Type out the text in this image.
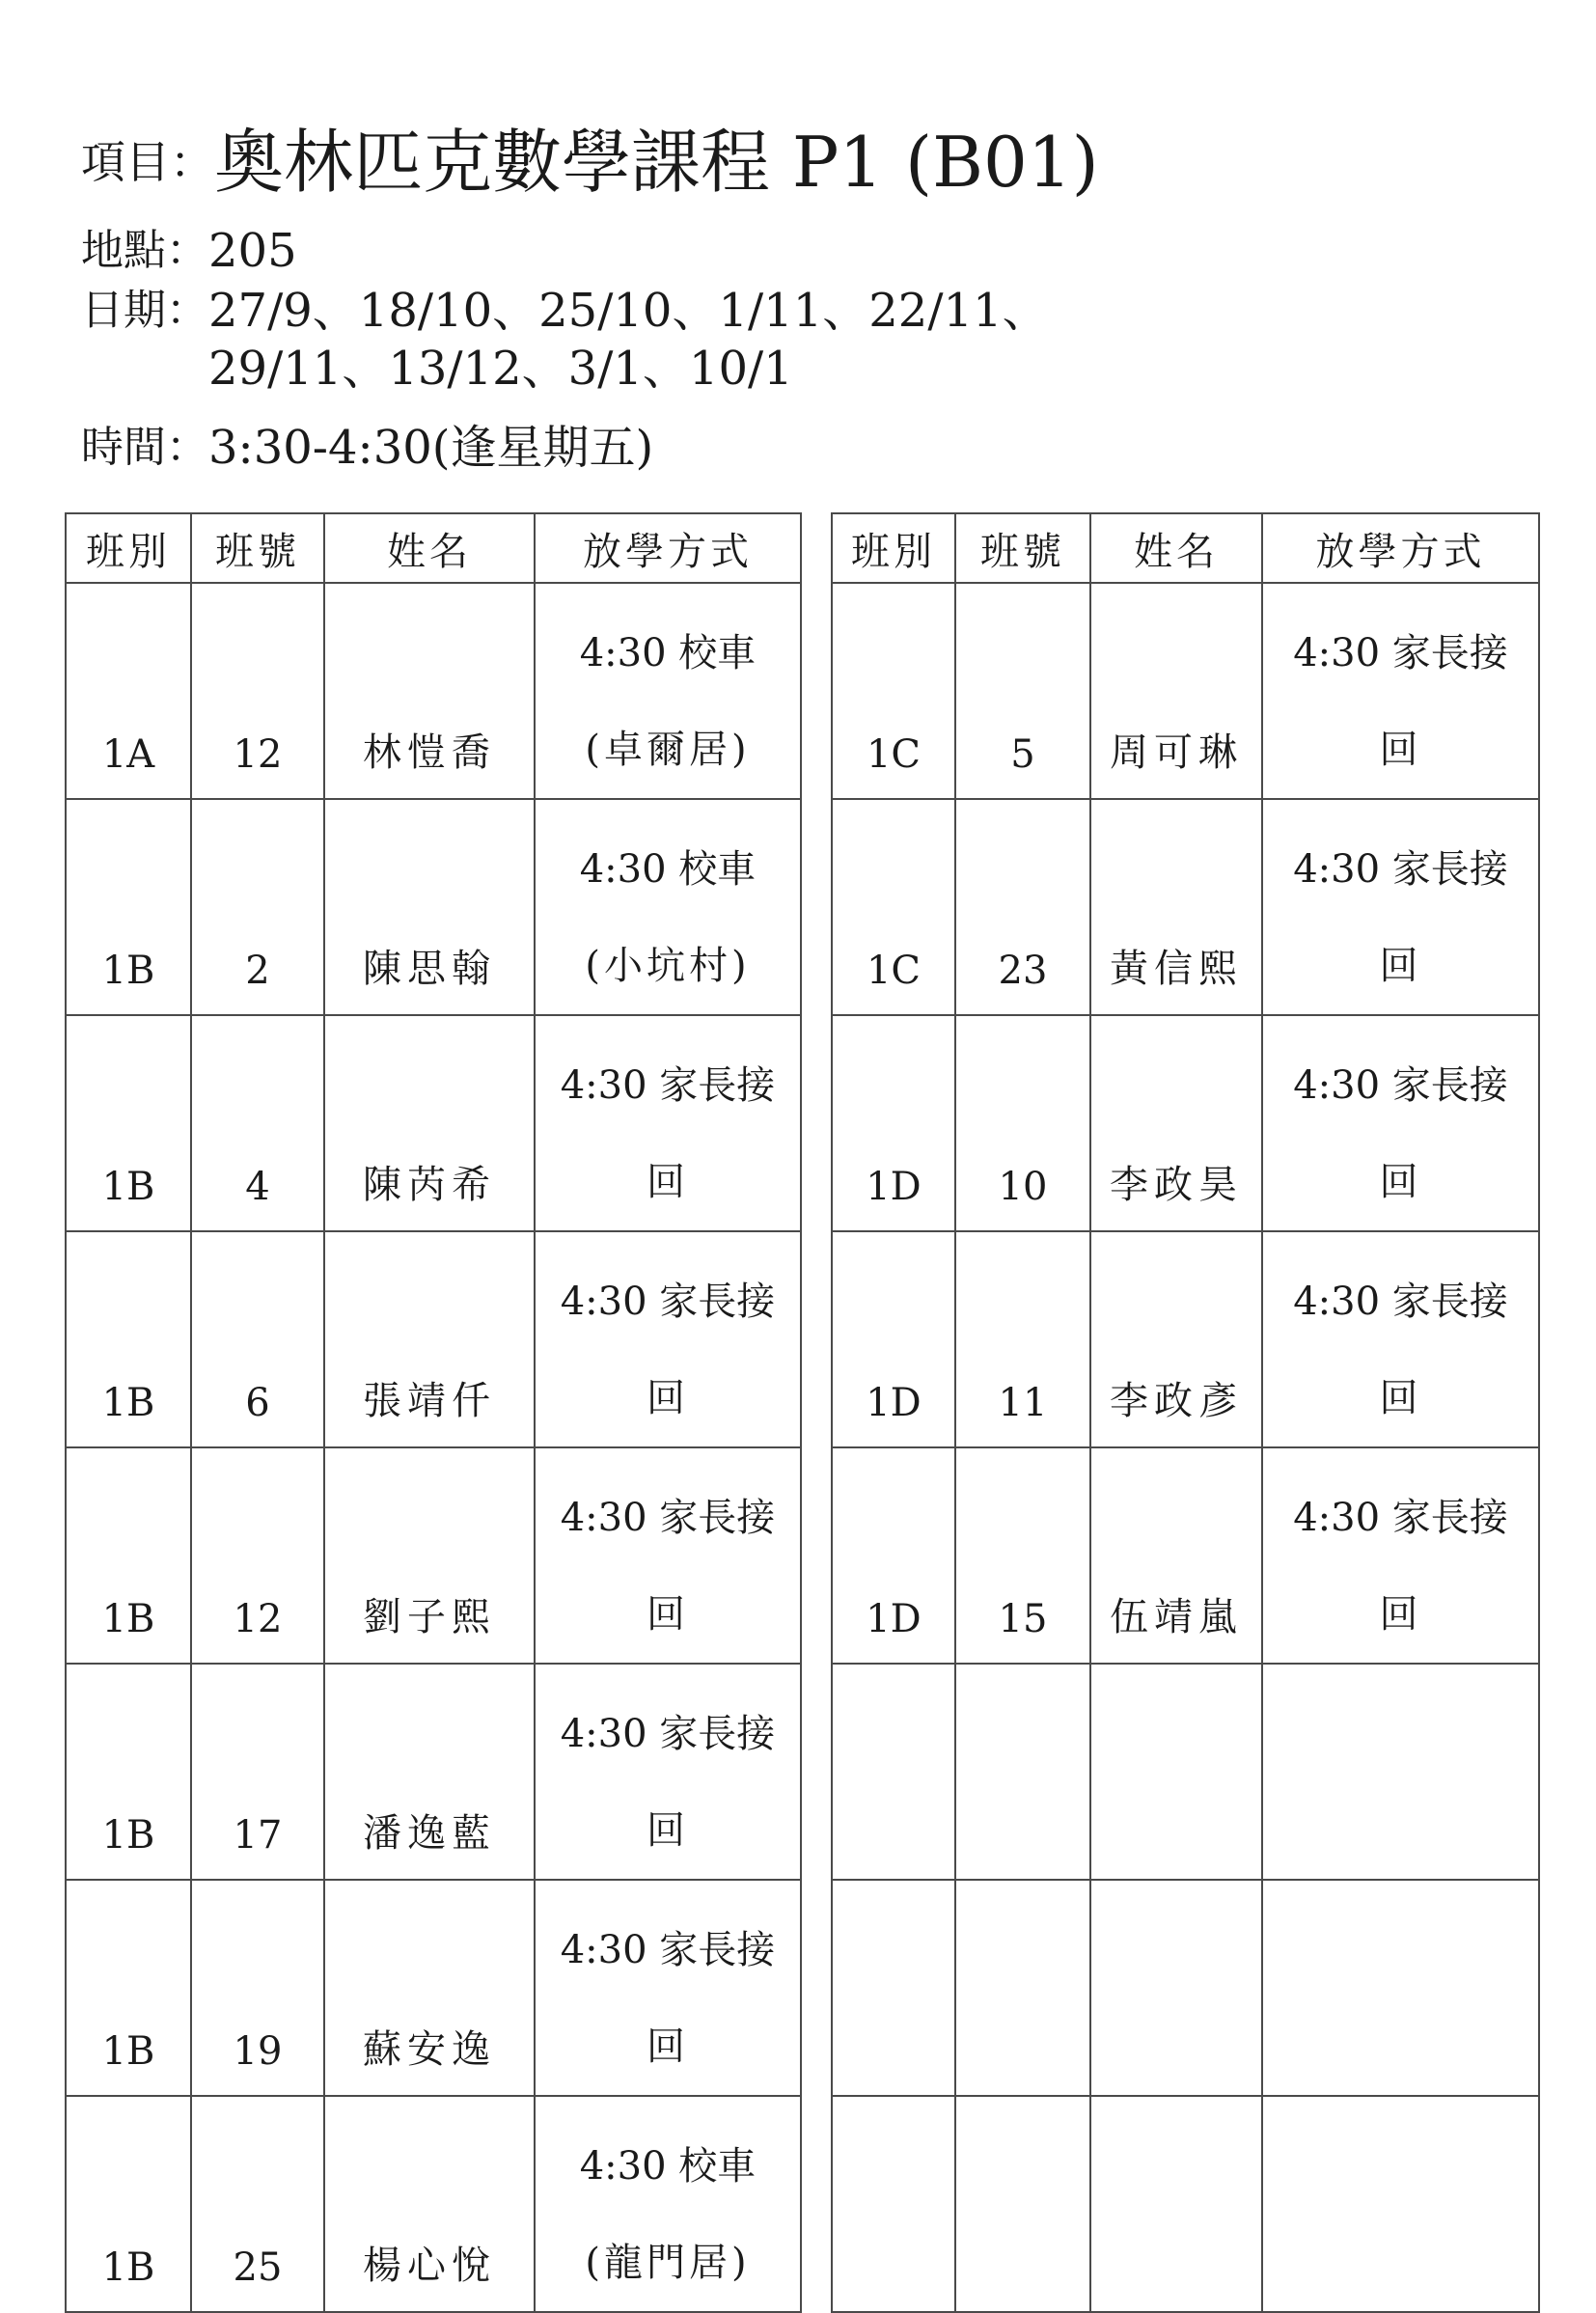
項目： 奧林匹克數學課程 P1 (B01)
地點： 205
日期： 27/9、18/10、25/10、1/11、22/11、
29/11、13/12、3/1、10/1
時間： 3:30-4:30(逢星期五)
班別	班號	姓名	放學方式
1A	12	林愷喬	4:30 校車
(卓爾居)

1B	2	陳思翰	4:30 校車
(小坑村)

1B	4	陳芮希	4:30 家長接
回

1B	6	張靖仟	4:30 家長接
回

1B	12	劉子熙	4:30 家長接
回

1B	17	潘逸藍	4:30 家長接
回

1B	19	蘇安逸	4:30 家長接
回

1B	25	楊心悅	4:30 校車
(龍門居)
班別	班號	姓名	放學方式
1C	5	周可琳	4:30 家長接
回

1C	23	黃信熙	4:30 家長接
回

1D	10	李政昊	4:30 家長接
回

1D	11	李政彥	4:30 家長接
回

1D	15	伍靖嵐	4:30 家長接
回
